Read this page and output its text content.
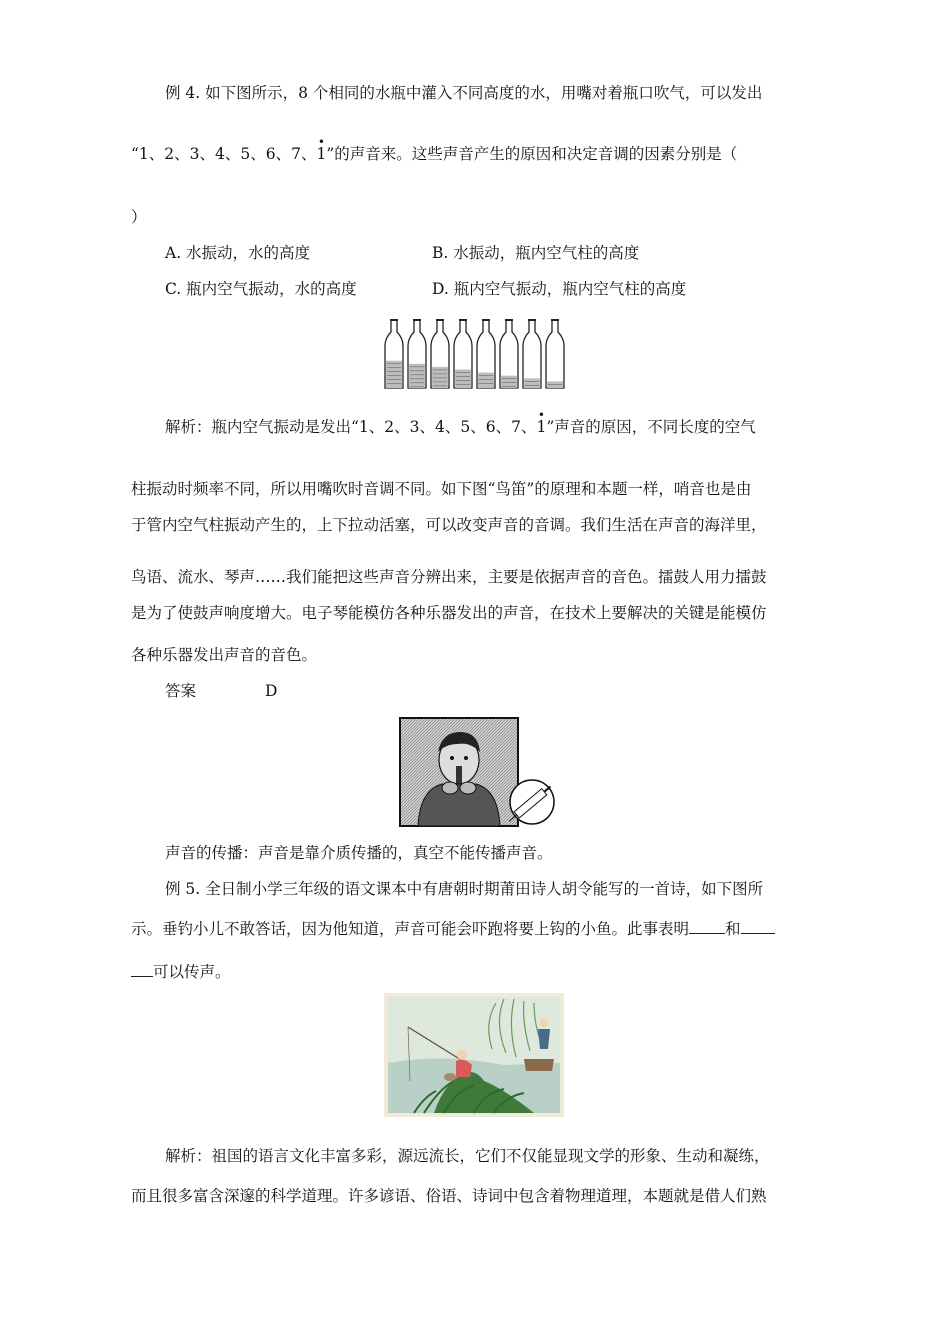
例 4. 如下图所示，8 个相同的水瓶中灌入不同高度的水，用嘴对着瓶口吹气，可以发出
“1、2、3、4、5、6、7、
•
1”的声音来。这些声音产生的原因和决定音调的因素分别是（
）
A. 水振动，水的高度	B. 水振动，瓶内空气柱的高度
C. 瓶内空气振动，水的高度	D. 瓶内空气振动，瓶内空气柱的高度
解析：瓶内空气振动是发出“1、2、3、4、5、6、7、
•
1”声音的原因，不同长度的空气
柱振动时频率不同，所以用嘴吹时音调不同。如下图“鸟笛”的原理和本题一样，哨音也是由
于管内空气柱振动产生的，上下拉动活塞，可以改变声音的音调。我们生活在声音的海洋里，
鸟语、流水、琴声……我们能把这些声音分辨出来，主要是依据声音的音色。擂鼓人用力擂鼓
是为了使鼓声响度增大。电子琴能模仿各种乐器发出的声音，在技术上要解决的关键是能模仿
各种乐器发出声音的音色。
答案	D
声音的传播：声音是靠介质传播的，真空不能传播声音。
例 5. 全日制小学三年级的语文课本中有唐朝时期莆田诗人胡令能写的一首诗，如下图所
示。垂钓小儿不敢答话，因为他知道，声音可能会吓跑将要上钩的小鱼。此事表明 和
可以传声。
解析：祖国的语言文化丰富多彩，源远流长，它们不仅能显现文学的形象、生动和凝练，
而且很多富含深邃的科学道理。许多谚语、俗语、诗词中包含着物理道理，本题就是借人们熟
